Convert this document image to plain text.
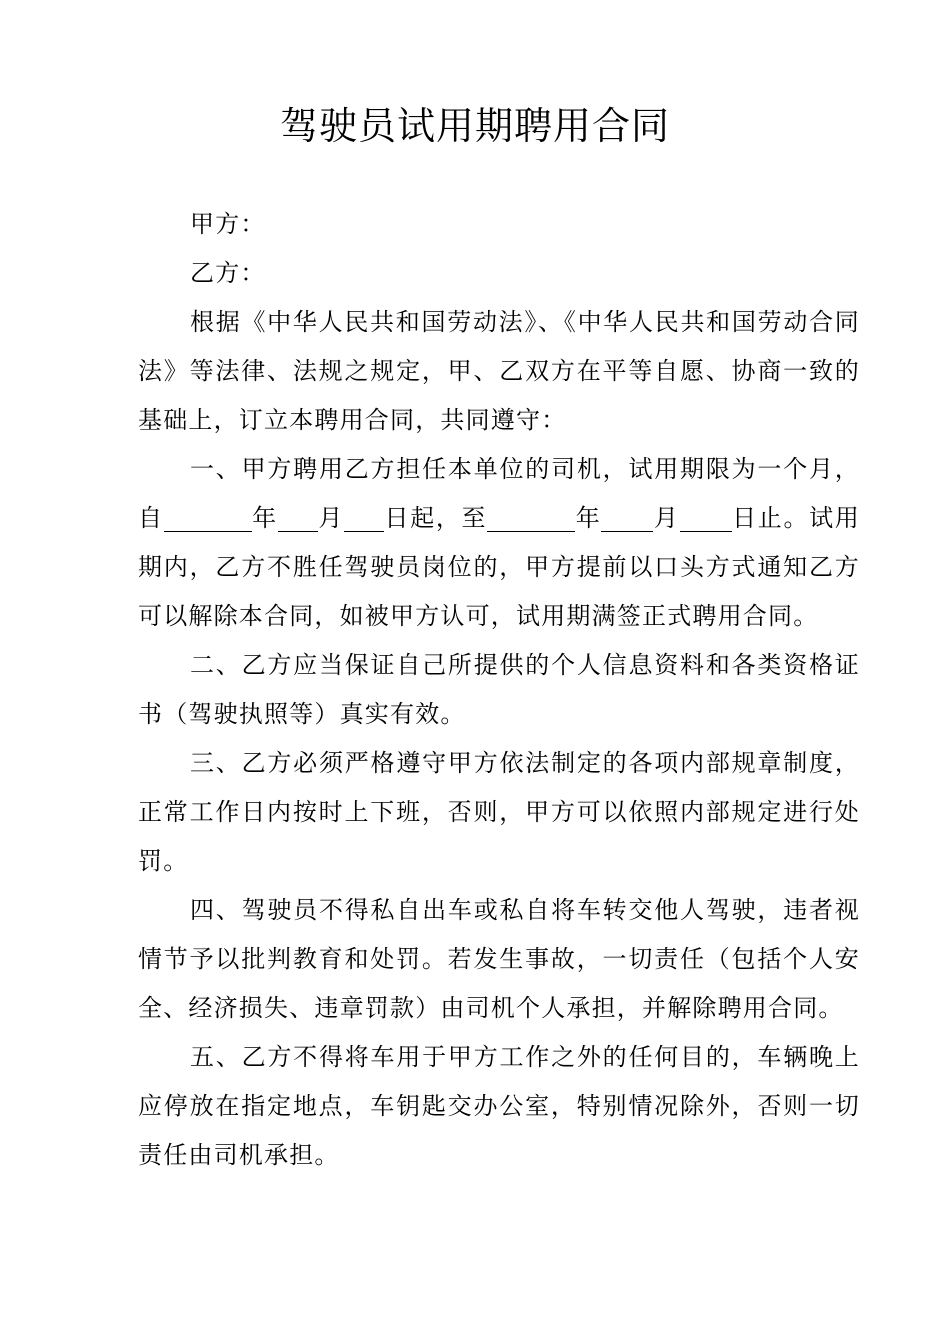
驾驶员试用期聘用合同

甲方：

乙方：

根据《中华人民共和国劳动法》、《中华人民共和国劳动合同法》等法律、法规之规定，甲、乙双方在平等自愿、协商一致的基础上，订立本聘用合同，共同遵守：

一、甲方聘用乙方担任本单位的司机，试用期限为一个月，自	年 月 日起，至	年 月 日止。试用期内，乙方不胜任驾驶员岗位的，甲方提前以口头方式通知乙方可以解除本合同，如被甲方认可，试用期满签正式聘用合同。

二、乙方应当保证自己所提供的个人信息资料和各类资格证书（驾驶执照等）真实有效。

三、乙方必须严格遵守甲方依法制定的各项内部规章制度，正常工作日内按时上下班，否则，甲方可以依照内部规定进行处罚。

四、驾驶员不得私自出车或私自将车转交他人驾驶，违者视情节予以批判教育和处罚。若发生事故，一切责任（包括个人安全、经济损失、违章罚款）由司机个人承担，并解除聘用合同。

五、乙方不得将车用于甲方工作之外的任何目的，车辆晚上应停放在指定地点，车钥匙交办公室，特别情况除外，否则一切责任由司机承担。
